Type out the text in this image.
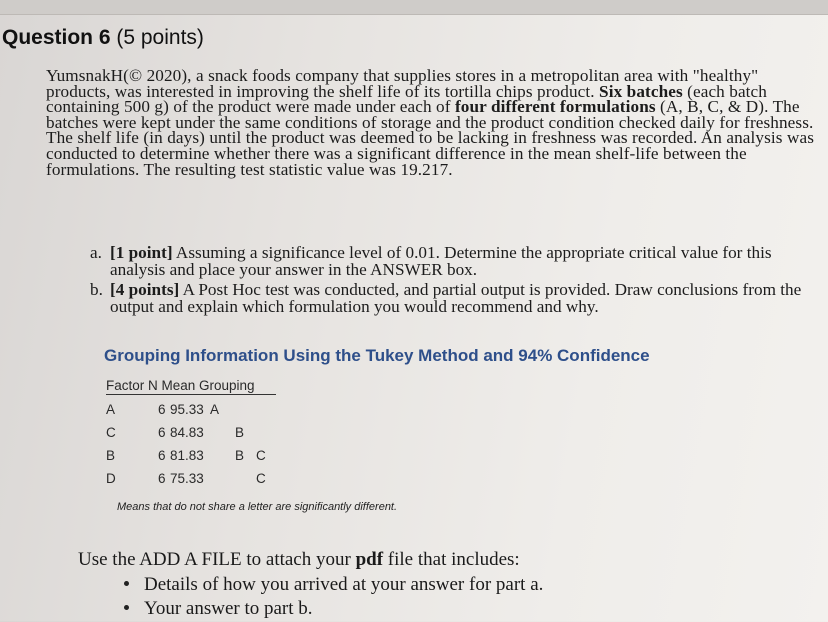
Question 6 (5 points)
YumsnakH(© 2020), a snack foods company that supplies stores in a metropolitan area with "healthy" products, was interested in improving the shelf life of its tortilla chips product. Six batches (each batch containing 500 g) of the product were made under each of four different formulations (A, B, C, & D). The batches were kept under the same conditions of storage and the product condition checked daily for freshness. The shelf life (in days) until the product was deemed to be lacking in freshness was recorded. An analysis was conducted to determine whether there was a significant difference in the mean shelf-life between the formulations. The resulting test statistic value was 19.217.
a. [1 point] Assuming a significance level of 0.01. Determine the appropriate critical value for this analysis and place your answer in the ANSWER box.
b. [4 points] A Post Hoc test was conducted, and partial output is provided. Draw conclusions from the output and explain which formulation you would recommend and why.
Grouping Information Using the Tukey Method and 94% Confidence
Factor N Mean Grouping
A	6 95.33 A
C	6 84.83 B
B	6 81.83 B C
D	6 75.33	C
Means that do not share a letter are significantly different.
Use the ADD A FILE to attach your pdf file that includes:
Details of how you arrived at your answer for part a.
Your answer to part b.
